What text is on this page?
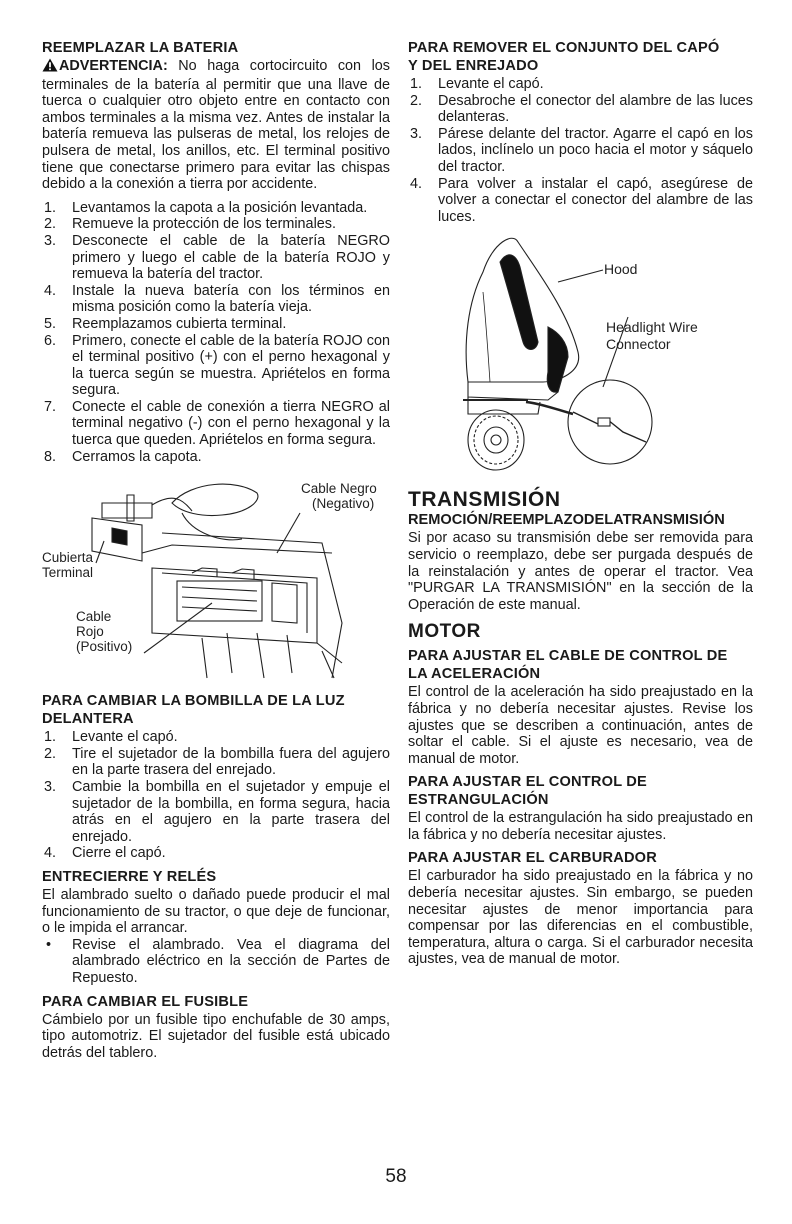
REEMPLAZAR LA BATERIA

ADVERTENCIA: No haga cortocircuito con los terminales de la batería al permitir que una llave de tuerca o cualquier otro objeto entre en contacto con ambos terminales a la misma vez. Antes de instalar la batería remueva las pulseras de metal, los relojes de pulsera de metal, los anillos, etc. El terminal positivo tiene que conectarse primero para evitar las chispas debido a la conexión a tierra por accidente.

1. Levantamos la capota a la posición levantada.
2. Remueve la protección de los terminales.
3. Desconecte el cable de la batería NEGRO primero y luego el cable de la batería ROJO y remueva la batería del tractor.
4. Instale la nueva batería con los términos en misma posición como la batería vieja.
5. Reemplazamos cubierta terminal.
6. Primero, conecte el cable de la batería ROJO con el terminal positivo (+) con el perno hexagonal y la tuerca según se muestra. Apriételos en forma segura.
7. Conecte el cable de conexión a tierra NEGRO al terminal negativo (-) con el perno hexagonal y la tuerca que queden. Apriételos en forma segura.
8. Cerramos la capota.
Cable Negro
(Negativo)
Cubierta
Terminal
Cable
Rojo
(Positivo)
PARA CAMBIAR LA BOMBILLA DE LA LUZ
DELANTERA
1. Levante el capó.
2. Tire el sujetador de la bombilla fuera del agujero en la parte trasera del enrejado.
3. Cambie la bombilla en el sujetador y empuje el sujetador de la bombilla, en forma segura, hacia atrás en el agujero en la parte trasera del enrejado.
4. Cierre el capó.
ENTRECIERRE Y RELÉS

El alambrado suelto o dañado puede producir el mal funcionamiento de su tractor, o que deje de funcionar, o le impida el arrancar.

• Revise el alambrado. Vea el diagrama del alambrado eléctrico en la sección de Partes de Repuesto.
PARA CAMBIAR EL FUSIBLE

Cámbielo por un fusible tipo enchufable de 30 amps, tipo automotriz. El sujetador del fusible está ubicado detrás del tablero.

PARA REMOVER EL CONJUNTO DEL CAPÓ
Y DEL ENREJADO
1. Levante el capó.
2. Desabroche el conector del alambre de las luces delanteras.
3. Párese delante del tractor. Agarre el capó en los lados, inclínelo un poco hacia el motor y sáquelo del tractor.
4. Para volver a instalar el capó, asegúrese de volver a conectar el conector del alambre de las luces.
Hood
Headlight Wire
Connector
TRANSMISIÓN
REMOCIÓN/REEMPLAZODELATRANSMISIÓN

Si por acaso su transmisión debe ser removida para servicio o reemplazo, debe ser purgada después de la reinstalación y antes de operar el tractor. Vea "PURGAR LA TRANSMISIÓN" en la sección de la Operación de este manual.

MOTOR
PARA AJUSTAR EL CABLE DE CONTROL DE
LA ACELERACIÓN

El control de la aceleración ha sido preajustado en la fábrica y no debería necesitar ajustes. Revise los ajustes que se describen a continuación, antes de soltar el cable. Si el ajuste es necesario, vea de manual de motor.

PARA AJUSTAR EL CONTROL DE
ESTRANGULACIÓN

El control de la estrangulación ha sido preajustado en la fábrica y no debería necesitar ajustes.

PARA AJUSTAR EL CARBURADOR

El carburador ha sido preajustado en la fábrica y no debería necesitar ajustes. Sin embargo, se pueden necesitar ajustes de menor importancia para compensar por las diferencias en el combustible, temperatura, altura o carga. Si el carburador necesita ajustes, vea de manual de motor.

58
